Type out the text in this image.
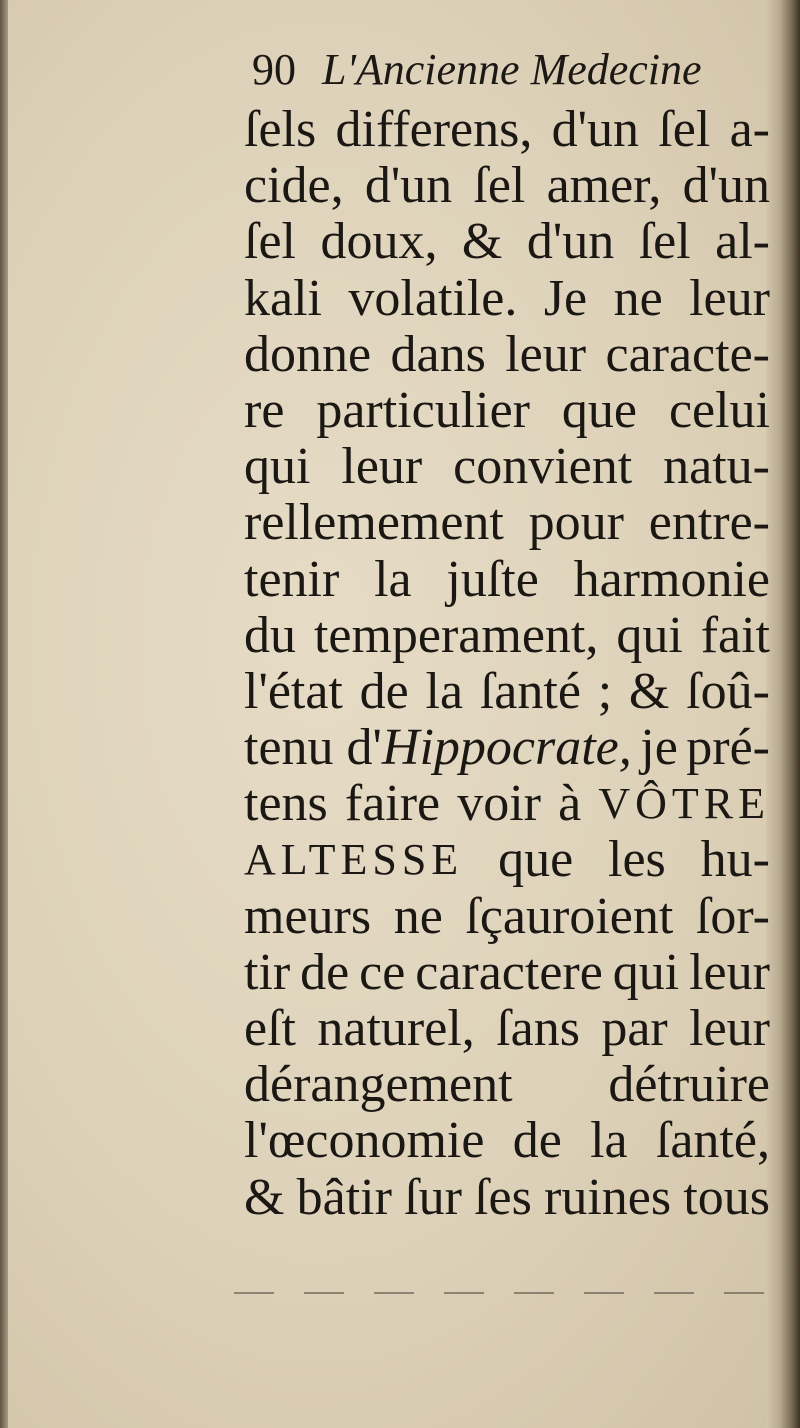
90 L'Ancienne Medecine
ſels differens, d'un ſel a-
cide, d'un ſel amer, d'un
ſel doux, & d'un ſel al-
kali volatile. Je ne leur
donne dans leur caracte-
re particulier que celui
qui leur convient natu-
rellemement pour entre-
tenir la juſte harmonie
du temperament, qui fait
l'état de la ſanté ; & ſoû-
tenu d'Hippocrate, je pré-
tens faire voir à VÔTRE
ALTESSE que les hu-
meurs ne ſçauroient ſor-
tir de ce caractere qui leur
eſt naturel, ſans par leur
dérangement détruire
l'œconomie de la ſanté,
& bâtir ſur ſes ruines tous
